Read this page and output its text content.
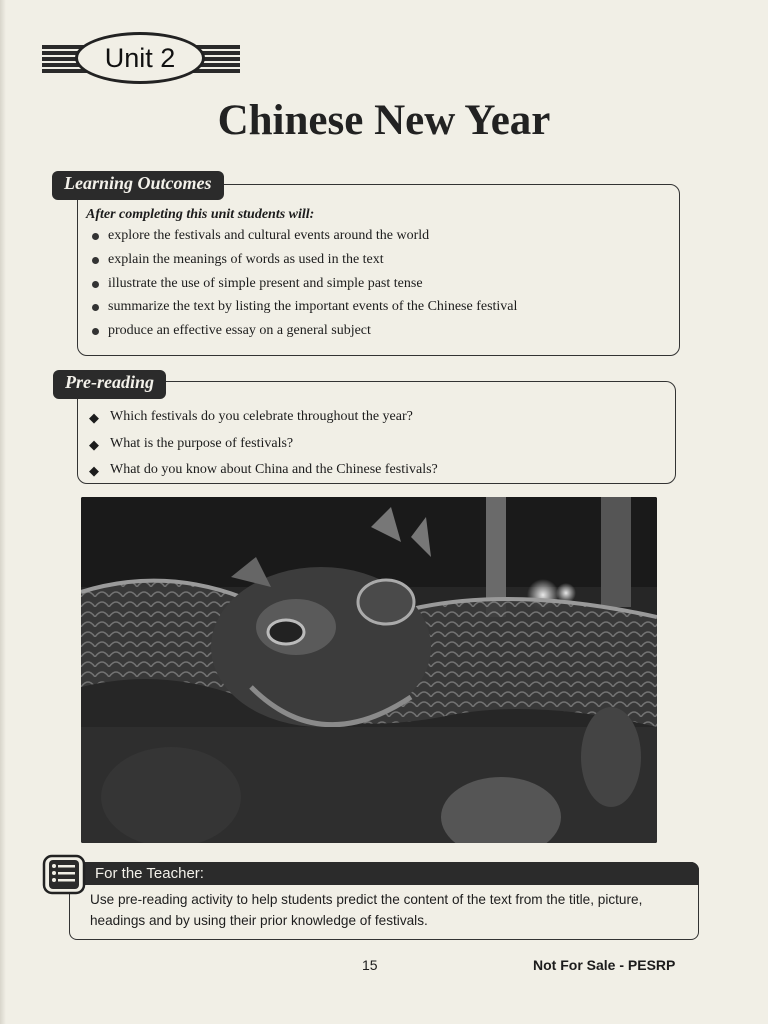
Unit 2
Chinese New Year
Learning Outcomes
After completing this unit students will:
explore the festivals and cultural events around the world
explain the meanings of words as used in the text
illustrate the use of simple present and simple past tense
summarize the text by listing the important events of the Chinese festival
produce an effective essay on a general subject
Pre-reading
◆ Which festivals do you celebrate throughout the year?
◆ What is the purpose of festivals?
◆ What do you know about China and the Chinese festivals?
For the Teacher:
Use pre-reading activity to help students predict the content of the text from the title, picture, headings and by using their prior knowledge of festivals.
15	Not For Sale - PESRP
